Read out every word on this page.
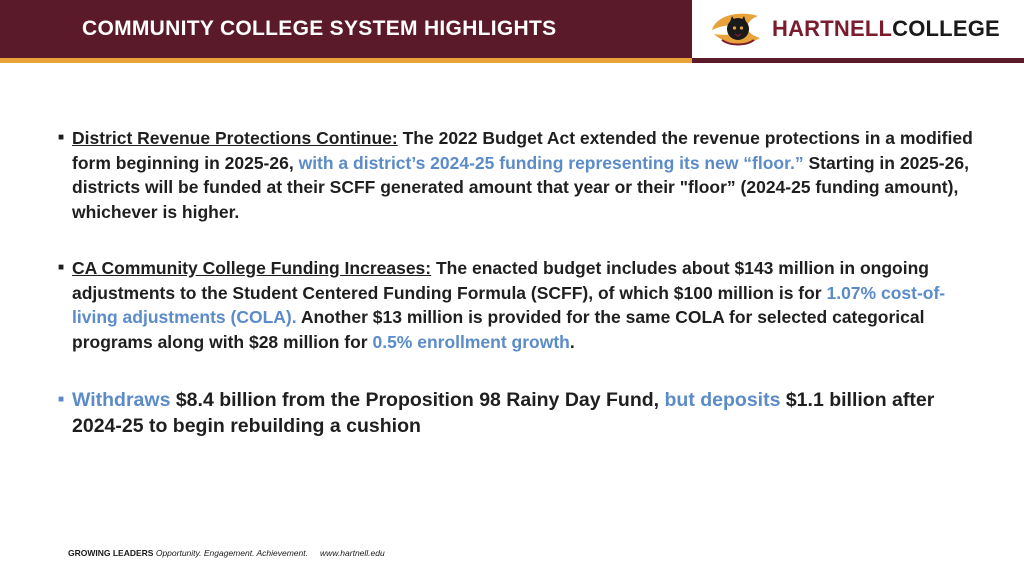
COMMUNITY COLLEGE SYSTEM HIGHLIGHTS	HARTNELLCOLLEGE
■ District Revenue Protections Continue: The 2022 Budget Act extended the revenue protections in a modified form beginning in 2025-26, with a district’s 2024-25 funding representing its new “floor.” Starting in 2025-26, districts will be funded at their SCFF generated amount that year or their "floor” (2024-25 funding amount), whichever is higher.
■ CA Community College Funding Increases: The enacted budget includes about $143 million in ongoing adjustments to the Student Centered Funding Formula (SCFF), of which $100 million is for 1.07% cost-of-living adjustments (COLA). Another $13 million is provided for the same COLA for selected categorical programs along with $28 million for 0.5% enrollment growth.
■ Withdraws $8.4 billion from the Proposition 98 Rainy Day Fund, but deposits $1.1 billion after 2024-25 to begin rebuilding a cushion
GROWING LEADERS Opportunity. Engagement. Achievement. www.hartnell.edu
